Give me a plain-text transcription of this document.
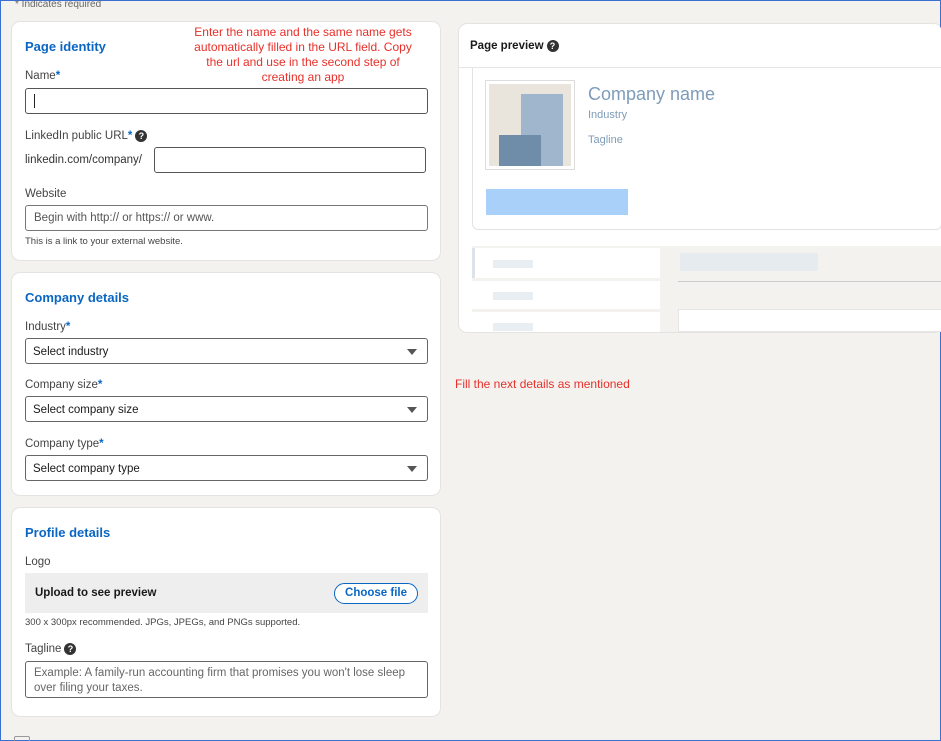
* Indicates required
Page identity
Name*
LinkedIn public URL* ?
linkedin.com/company/
Website
Begin with http:// or https:// or www.
This is a link to your external website.
Enter the name and the same name gets
automatically filled in the URL field. Copy
the url and use in the second step of
creating an app
Company details
Industry*
Select industry
Company size*
Select company size
Company type*
Select company type
Profile details
Logo
Upload to see preview	Choose file
300 x 300px recommended. JPGs, JPEGs, and PNGs supported.
Tagline ?
Example: A family-run accounting firm that promises you won't lose sleep over filing your taxes.
Page preview ?
Company name
Industry
Tagline
Fill the next details as mentioned
